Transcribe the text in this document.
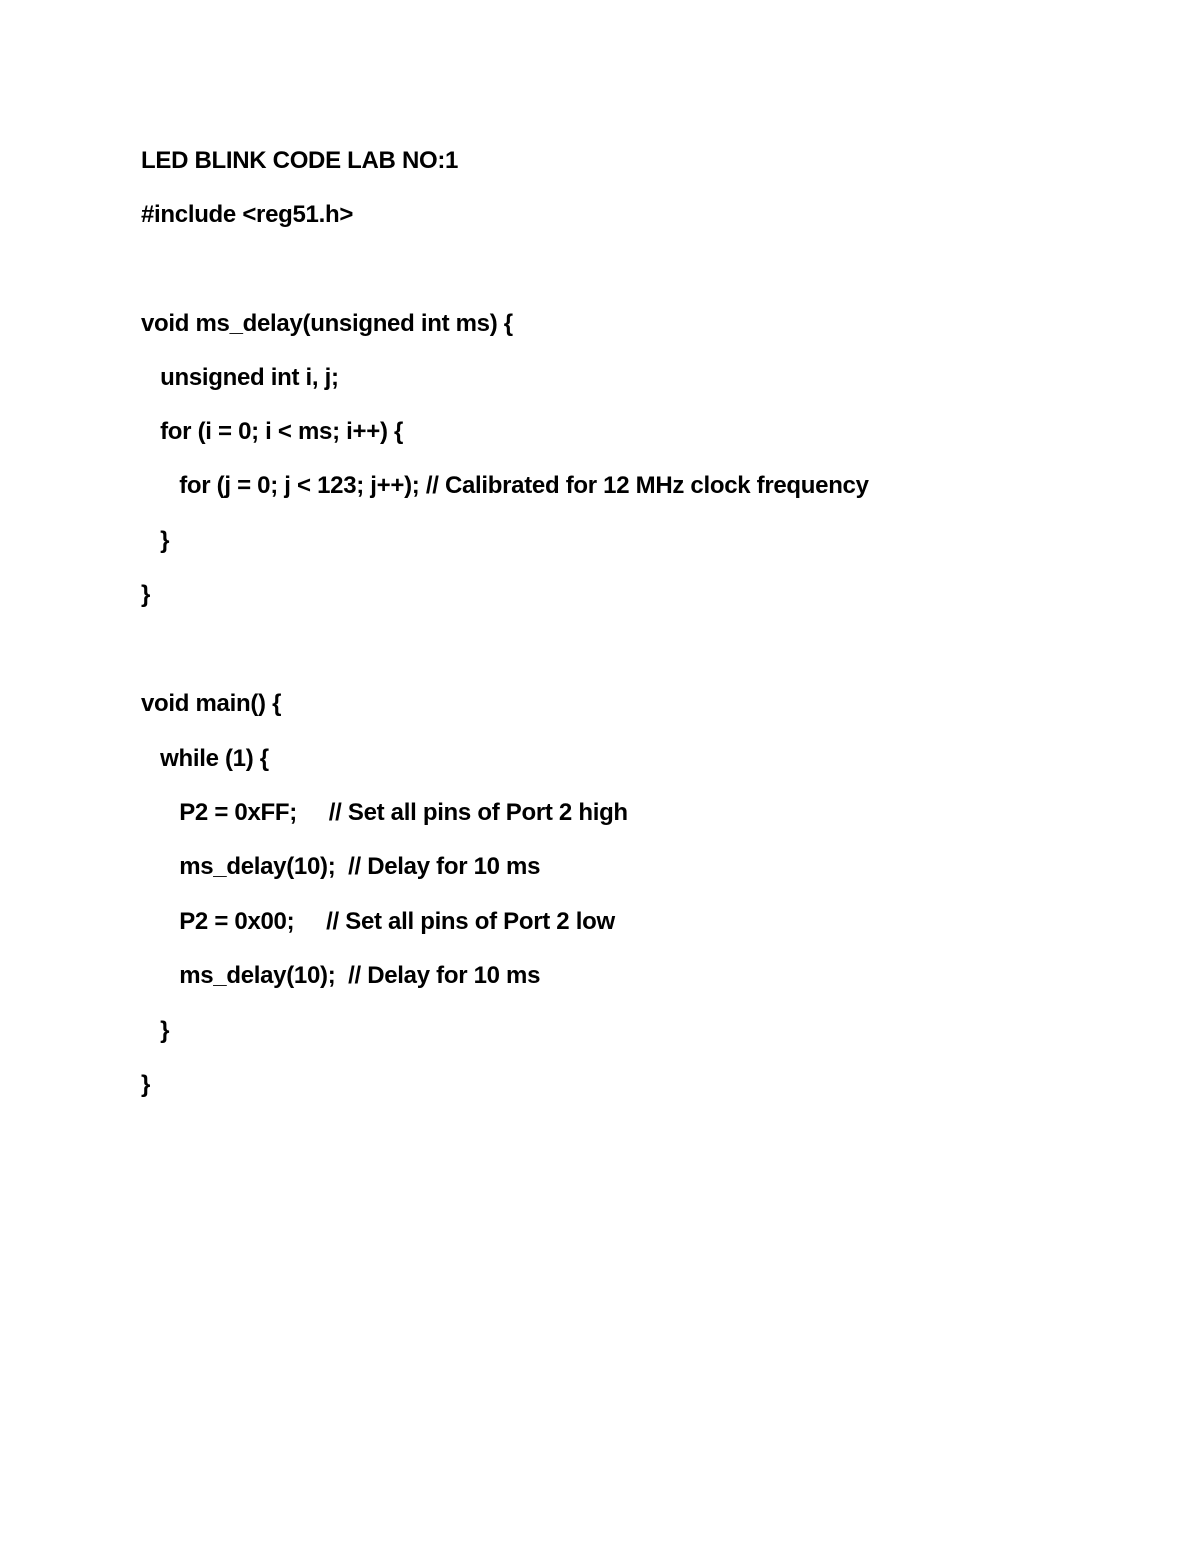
LED BLINK CODE LAB NO:1
#include <reg51.h>
void ms_delay(unsigned int ms) {
unsigned int i, j;
for (i = 0; i < ms; i++) {
for (j = 0; j < 123; j++); // Calibrated for 12 MHz clock frequency
}
}
void main() {
while (1) {
P2 = 0xFF;     // Set all pins of Port 2 high
ms_delay(10);  // Delay for 10 ms
P2 = 0x00;     // Set all pins of Port 2 low
ms_delay(10);  // Delay for 10 ms
}
}
